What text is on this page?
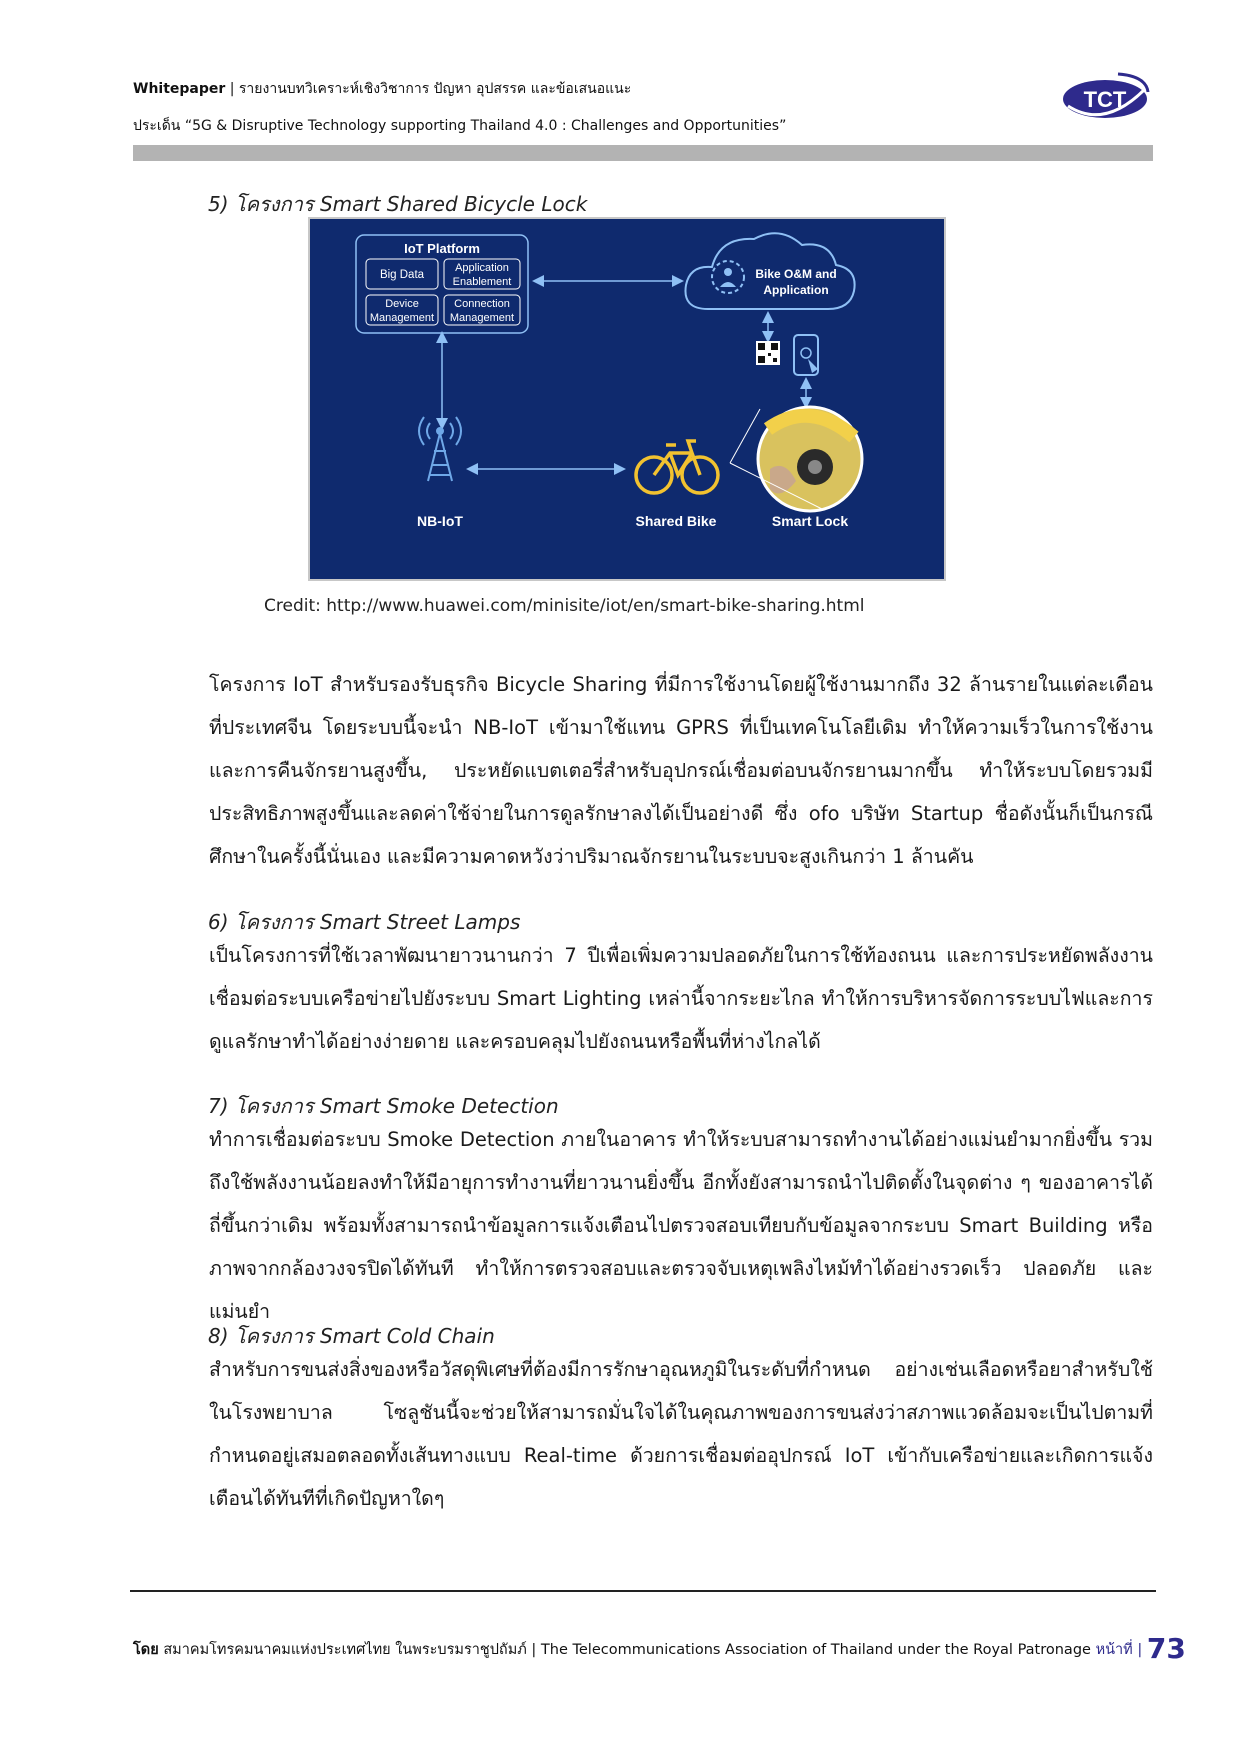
Whitepaper | รายงานบทวิเคราะห์เชิงวิชาการ ปัญหา อุปสรรค และข้อเสนอแนะ
ประเด็น “5G & Disruptive Technology supporting Thailand 4.0 : Challenges and Opportunities”
TCT
5) โครงการ Smart Shared Bicycle Lock
IoT Platform
Big Data
Application
Enablement
Device
Management
Connection
Management
Bike O&M and
Application
NB-IoT	Shared Bike	Smart Lock
Credit: http://www.huawei.com/minisite/iot/en/smart-bike-sharing.html
โครงการ IoT สำหรับรองรับธุรกิจ Bicycle Sharing ที่มีการใช้งานโดยผู้ใช้งานมากถึง 32 ล้านรายในแต่ละเดือนที่ประเทศจีน โดยระบบนี้จะนำ NB-IoT เข้ามาใช้แทน GPRS ที่เป็นเทคโนโลยีเดิม ทำให้ความเร็วในการใช้งานและการคืนจักรยานสูงขึ้น, ประหยัดแบตเตอรี่สำหรับอุปกรณ์เชื่อมต่อบนจักรยานมากขึ้น ทำให้ระบบโดยรวมมีประสิทธิภาพสูงขึ้นและลดค่าใช้จ่ายในการดูลรักษาลงได้เป็นอย่างดี ซึ่ง ofo บริษัท Startup ชื่อดังนั้นก็เป็นกรณีศึกษาในครั้งนี้นั่นเอง และมีความคาดหวังว่าปริมาณจักรยานในระบบจะสูงเกินกว่า 1 ล้านคัน
6) โครงการ Smart Street Lamps
เป็นโครงการที่ใช้เวลาพัฒนายาวนานกว่า 7 ปีเพื่อเพิ่มความปลอดภัยในการใช้ท้องถนน และการประหยัดพลังงาน เชื่อมต่อระบบเครือข่ายไปยังระบบ Smart Lighting เหล่านี้จากระยะไกล ทำให้การบริหารจัดการระบบไฟและการดูแลรักษาทำได้อย่างง่ายดาย และครอบคลุมไปยังถนนหรือพื้นที่ห่างไกลได้
7) โครงการ Smart Smoke Detection
ทำการเชื่อมต่อระบบ Smoke Detection ภายในอาคาร ทำให้ระบบสามารถทำงานได้อย่างแม่นยำมากยิ่งขึ้น รวมถึงใช้พลังงานน้อยลงทำให้มีอายุการทำงานที่ยาวนานยิ่งขึ้น อีกทั้งยังสามารถนำไปติดตั้งในจุดต่าง ๆ ของอาคารได้ถี่ขึ้นกว่าเดิม พร้อมทั้งสามารถนำข้อมูลการแจ้งเตือนไปตรวจสอบเทียบกับข้อมูลจากระบบ Smart Building หรือภาพจากกล้องวงจรปิดได้ทันที ทำให้การตรวจสอบและตรวจจับเหตุเพลิงไหม้ทำได้อย่างรวดเร็ว ปลอดภัย และแม่นยำ
8) โครงการ Smart Cold Chain
สำหรับการขนส่งสิ่งของหรือวัสดุพิเศษที่ต้องมีการรักษาอุณหภูมิในระดับที่กำหนด อย่างเช่นเลือดหรือยาสำหรับใช้ในโรงพยาบาล โซลูชันนี้จะช่วยให้สามารถมั่นใจได้ในคุณภาพของการขนส่งว่าสภาพแวดล้อมจะเป็นไปตามที่กำหนดอยู่เสมอตลอดทั้งเส้นทางแบบ Real-time ด้วยการเชื่อมต่ออุปกรณ์ IoT เข้ากับเครือข่ายและเกิดการแจ้งเตือนได้ทันทีที่เกิดปัญหาใดๆ
โดย สมาคมโทรคมนาคมแห่งประเทศไทย ในพระบรมราชูปถัมภ์ | The Telecommunications Association of Thailand under the Royal Patronage หน้าที่ | 73
